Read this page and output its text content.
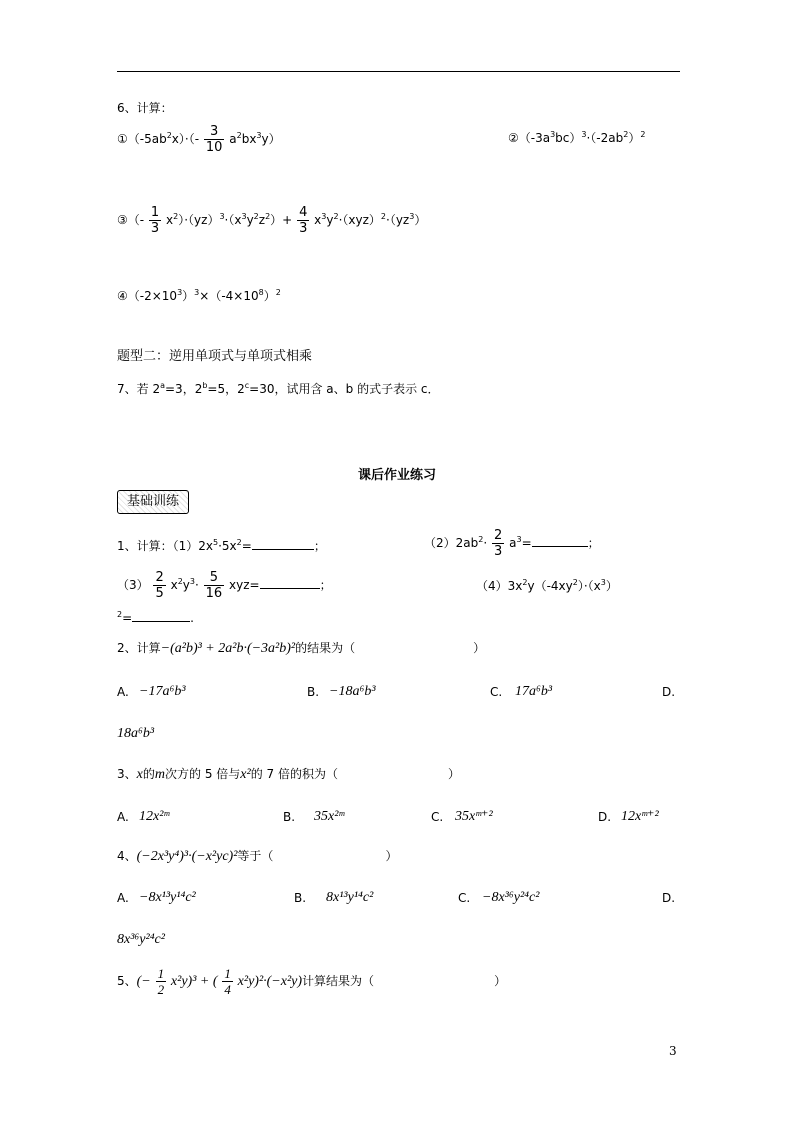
6、计算：
$①(-5ab^2x)\cdot(- \frac{3}{10} a^2bx^3y)$	$②(-3a^3bc)^3\cdot(-2ab^2)^2$
③（- $\frac{1}{3} x^2)\cdot(yz)^3\cdot(x^3y^2z^2)+ \frac{4}{3} x^3y^2\cdot(xyz)^2\cdot(yz^3)$
$④(-2\times 10^3)^3\times(-4\times 10^8)^2$
题型二：逆用单项式与单项式相乘
7、若 $2^a=3$，$2^b=5$，$2^c=30$，试用含 a、b 的式子表示 c．
课后作业练习
基础训练
1、计算：$(1)2x^5\cdot 5x^2=$	；	$(2)2ab^2\cdot \frac{2}{3} a^3=$	；
$(3) \frac{2}{5} x^2y^3\cdot \frac{5}{16} xyz=$	；	$(4)3x^2y(-4xy^2)\cdot(x^3)$
$^2$=	.
2、计算−(a²b)³ + 2a²b·(−3a²b)²的结果为（	）
A. −17a⁶b³	B. −18a⁶b³	C. 17a⁶b³	D.
18a⁶b³
3、x的m次方的 5 倍与x²的 7 倍的积为（	）
A. 12x²ᵐ	B. 35x²ᵐ	C. 35xᵐ⁺²	D. 12xᵐ⁺²
4、(−2x³y⁴)³·(−x²yc)²等于（	）
A. −8x¹³y¹⁴c²	B. 8x¹³y¹⁴c²	C. −8x³⁶y²⁴c²	D.
8x³⁶y²⁴c²
5、(− $\frac{1}{2} x^2y)^3$ + ( $\frac{1}{4} x^2y)^2\cdot(-x^2y)$计算结果为（	）
3
